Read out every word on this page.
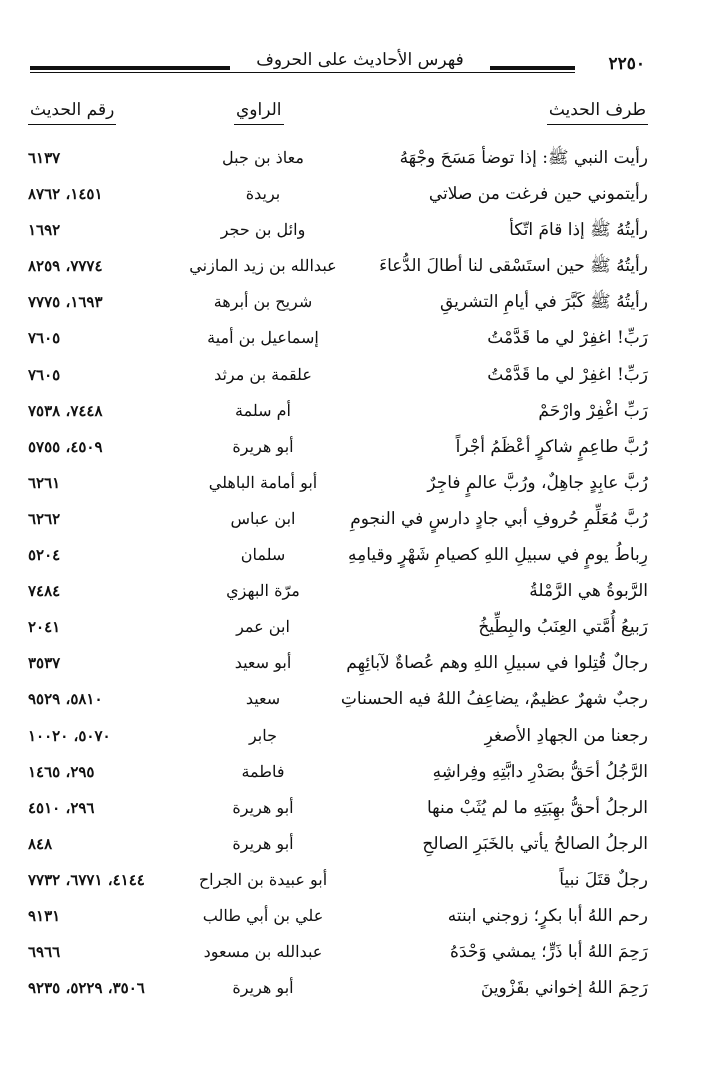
فهرس الأحاديث على الحروف	٢٢٥٠
طرف الحديث
الراوي
رقم الحديث
رأيت النبي ﷺ: إذا توضأ مَسَحَ وجْهَهُ
معاذ بن جبل
٦١٣٧
رأيتموني حين فرغت من صلاتي
بريدة
١٤٥١، ٨٧٦٢
رأيتُهُ ﷺ إذا قامَ اتّكأ
وائل بن حجر
١٦٩٢
رأيتُهُ ﷺ حين استَسْقى لنا أطالَ الدُّعاءَ
عبدالله بن زيد المازني
٧٧٧٤، ٨٢٥٩
رأيتُهُ ﷺ كَبَّرَ في أيامِ التشريقِ
شريح بن أبرهة
١٦٩٣، ٧٧٧٥
رَبِّ! اغفِرْ لي ما قَدَّمْتُ
إسماعيل بن أمية
٧٦٠٥
رَبِّ! اغفِرْ لي ما قَدَّمْتُ
علقمة بن مرثد
٧٦٠٥
رَبِّ اغْفِرْ وارْحَمْ
أم سلمة
٧٤٤٨، ٧٥٣٨
رُبَّ طاعِمٍ شاكرٍ أعْظَمُ أجْراً
أبو هريرة
٤٥٠٩، ٥٧٥٥
رُبَّ عابِدٍ جاهِلٌ، ورُبَّ عالمٍ فاجِرٌ
أبو أمامة الباهلي
٦٢٦١
رُبَّ مُعَلِّمِ حُروفِ أبي جادٍ دارسٍ في النجومِ
ابن عباس
٦٢٦٢
رِباطُ يومٍ في سبيلِ اللهِ كصيامِ شَهْرٍ وقيامِهِ
سلمان
٥٢٠٤
الرَّبوةُ هي الرَّمْلةُ
مرّة البهزي
٧٤٨٤
رَبيعُ أُمَّتي العِنَبُ والبِطِّيخُ
ابن عمر
٢٠٤١
رجالٌ قُتِلوا في سبيلِ اللهِ وهم عُصاةٌ لآبائِهِم
أبو سعيد
٣٥٣٧
رجبٌ شهرٌ عظيمٌ، يضاعِفُ اللهُ فيه الحسناتِ
سعيد
٥٨١٠، ٩٥٢٩
رجعنا من الجهادِ الأصغرِ
جابر
٥٠٧٠، ١٠٠٢٠
الرَّجُلُ أحَقُّ بصَدْرِ دابَّتِهِ وفِراشِهِ
فاطمة
٢٩٥، ١٤٦٥
الرجلُ أحقُّ بهِبَتِهِ ما لم يُثَبْ منها
أبو هريرة
٢٩٦، ٤٥١٠
الرجلُ الصالحُ يأتي بالخَبَرِ الصالحِ
أبو هريرة
٨٤٨
رجلٌ قتَلَ نبياً
أبو عبيدة بن الجراح
٤١٤٤، ٦٧٧١، ٧٧٣٢
رحم اللهُ أبا بكرٍ؛ زوجني ابنته
علي بن أبي طالب
٩١٣١
رَحِمَ اللهُ أبا ذَرٍّ؛ يمشي وَحْدَهُ
عبدالله بن مسعود
٦٩٦٦
رَحِمَ اللهُ إخواني بقَزْوينَ
أبو هريرة
٣٥٠٦، ٥٢٢٩، ٩٢٣٥
